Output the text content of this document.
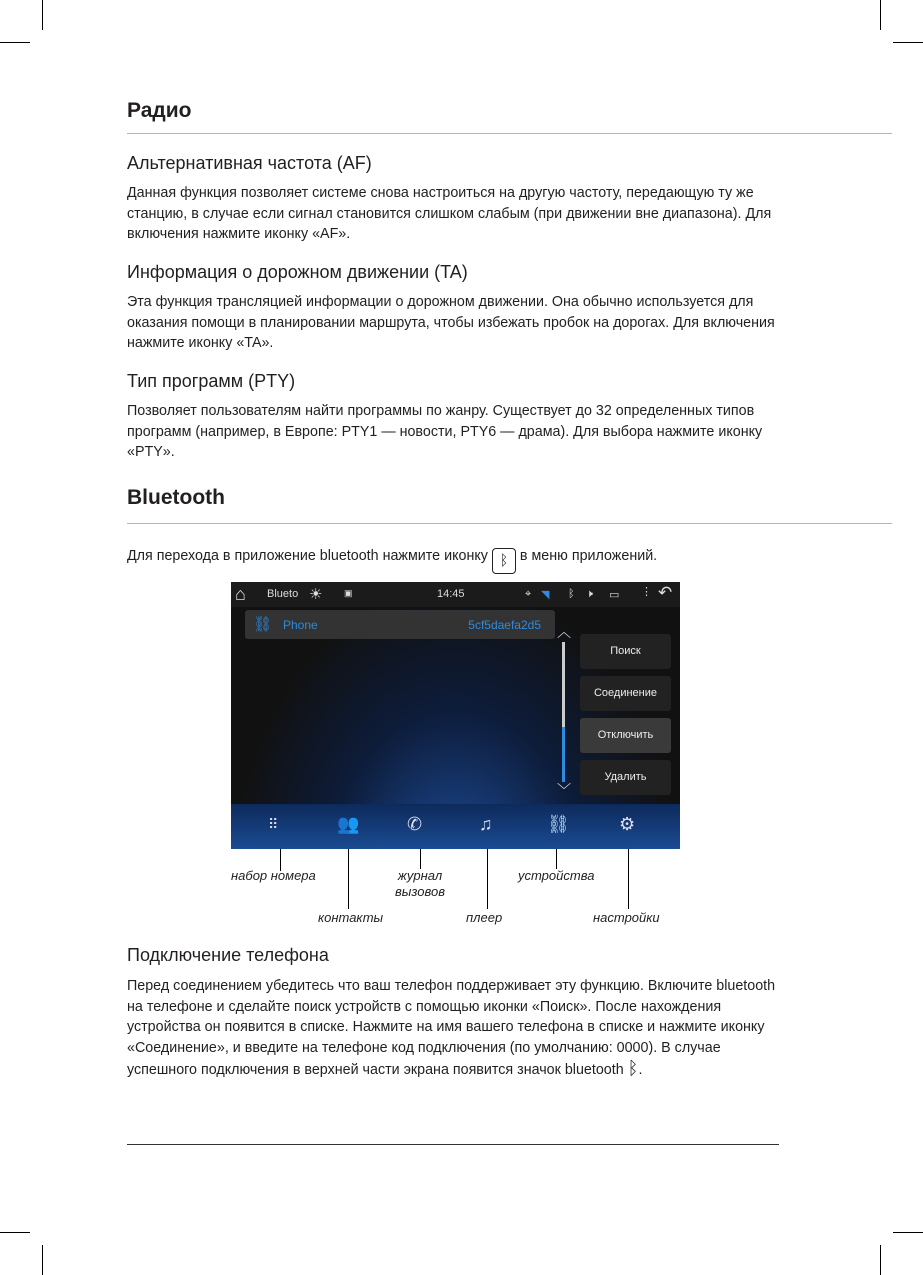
Радио
Альтернативная частота (AF)
Данная функция позволяет системе снова настроиться на другую частоту, передающую ту же станцию, в случае если сигнал становится слишком слабым (при движении вне диапазона). Для включения нажмите иконку «AF».
Информация о дорожном движении (TA)
Эта функция трансляцией информации о дорожном движении. Она обычно используется для оказания помощи в планировании маршрута, чтобы избежать пробок на дорогах. Для включения нажмите иконку «TA».
Тип программ (PTY)
Позволяет пользователям найти программы по жанру. Существует до 32 определенных типов программ (например, в Европе: PTY1 — новости, PTY6 — драма). Для выбора нажмите иконку «PTY».
Bluetooth
Для перехода в приложение bluetooth нажмите иконку ᛒ в меню приложений.
⌂ Blueto ☀ ▣	14:45	⌖ ◥ ᛒ 🕨 ▭ ⋮ ↶
⛓ Phone	5cf5daefa2d5 ︿
﹀
Поиск
Соединение
Отключить
Удалить
⠿	👥	✆	♫	⛓	⚙
набор номера	журнал вызовов
устройства
контакты	плеер	настройки
Подключение телефона
Перед соединением убедитесь что ваш телефон поддерживает эту функцию. Включите bluetooth на телефоне и сделайте поиск устройств с помощью иконки «Поиск». После нахождения устройства он появится в списке. Нажмите на имя вашего телефона в списке и нажмите иконку «Соединение», и введите на телефоне код подключения (по умолчанию: 0000). В случае успешного подключения в верхней части экрана появится значок bluetooth ᛒ.
